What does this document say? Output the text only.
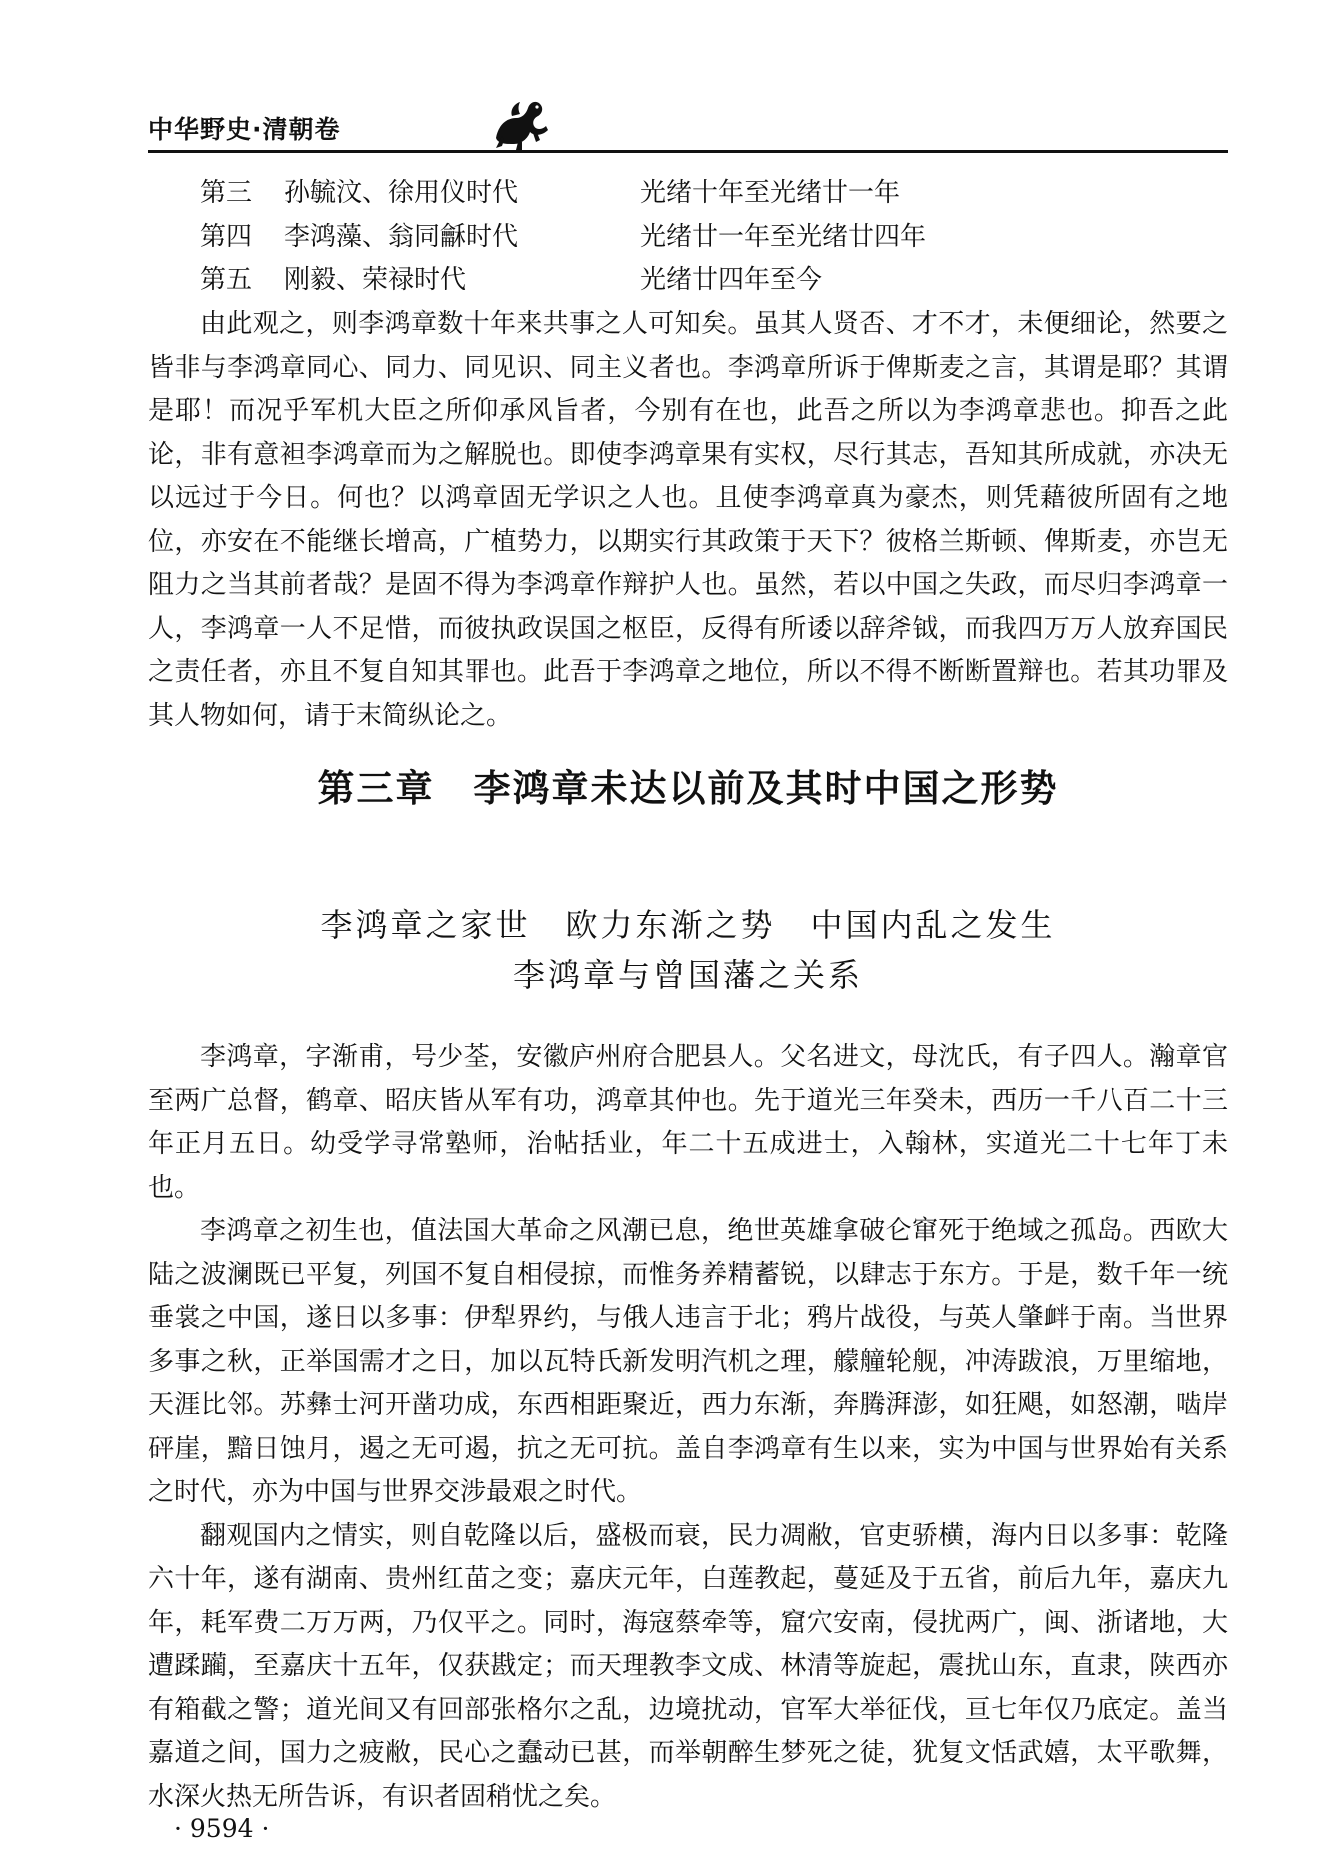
中华野史·清朝卷
第三 孙毓汶、徐用仪时代	光绪十年至光绪廿一年
第四 李鸿藻、翁同龢时代	光绪廿一年至光绪廿四年
第五 刚毅、荣禄时代	光绪廿四年至今

由此观之，则李鸿章数十年来共事之人可知矣。虽其人贤否、才不才，未便细论，然要之皆非与李鸿章同心、同力、同见识、同主义者也。李鸿章所诉于俾斯麦之言，其谓是耶？其谓是耶！而况乎军机大臣之所仰承风旨者，今别有在也，此吾之所以为李鸿章悲也。抑吾之此论，非有意袒李鸿章而为之解脱也。即使李鸿章果有实权，尽行其志，吾知其所成就，亦决无以远过于今日。何也？以鸿章固无学识之人也。且使李鸿章真为豪杰，则凭藉彼所固有之地位，亦安在不能继长增高，广植势力，以期实行其政策于天下？彼格兰斯顿、俾斯麦，亦岂无阻力之当其前者哉？是固不得为李鸿章作辩护人也。虽然，若以中国之失政，而尽归李鸿章一人，李鸿章一人不足惜，而彼执政误国之枢臣，反得有所诿以辞斧钺，而我四万万人放弃国民之责任者，亦且不复自知其罪也。此吾于李鸿章之地位，所以不得不断断置辩也。若其功罪及其人物如何，请于末简纵论之。

第三章　李鸿章未达以前及其时中国之形势
李鸿章之家世　欧力东渐之势　中国内乱之发生
李鸿章与曾国藩之关系

李鸿章，字渐甫，号少荃，安徽庐州府合肥县人。父名进文，母沈氏，有子四人。瀚章官至两广总督，鹤章、昭庆皆从军有功，鸿章其仲也。先于道光三年癸未，西历一千八百二十三年正月五日。幼受学寻常塾师，治帖括业，年二十五成进士，入翰林，实道光二十七年丁未也。

李鸿章之初生也，值法国大革命之风潮已息，绝世英雄拿破仑窜死于绝域之孤岛。西欧大陆之波澜既已平复，列国不复自相侵掠，而惟务养精蓄锐，以肆志于东方。于是，数千年一统垂裳之中国，遂日以多事：伊犁界约，与俄人违言于北；鸦片战役，与英人肇衅于南。当世界多事之秋，正举国需才之日，加以瓦特氏新发明汽机之理，艨艟轮舰，冲涛跋浪，万里缩地，天涯比邻。苏彝士河开凿功成，东西相距聚近，西力东渐，奔腾湃澎，如狂飓，如怒潮，啮岸砰崖，黯日蚀月，遏之无可遏，抗之无可抗。盖自李鸿章有生以来，实为中国与世界始有关系之时代，亦为中国与世界交涉最艰之时代。

翻观国内之情实，则自乾隆以后，盛极而衰，民力凋敝，官吏骄横，海内日以多事：乾隆六十年，遂有湖南、贵州红苗之变；嘉庆元年，白莲教起，蔓延及于五省，前后九年，嘉庆九年，耗军费二万万两，乃仅平之。同时，海寇蔡牵等，窟穴安南，侵扰两广，闽、浙诸地，大遭蹂躏，至嘉庆十五年，仅获戡定；而天理教李文成、林清等旋起，震扰山东，直隶，陕西亦有箱截之警；道光间又有回部张格尔之乱，边境扰动，官军大举征伐，亘七年仅乃底定。盖当嘉道之间，国力之疲敝，民心之蠢动已甚，而举朝醉生梦死之徒，犹复文恬武嬉，太平歌舞，水深火热无所告诉，有识者固稍忧之矣。

· 9594 ·
